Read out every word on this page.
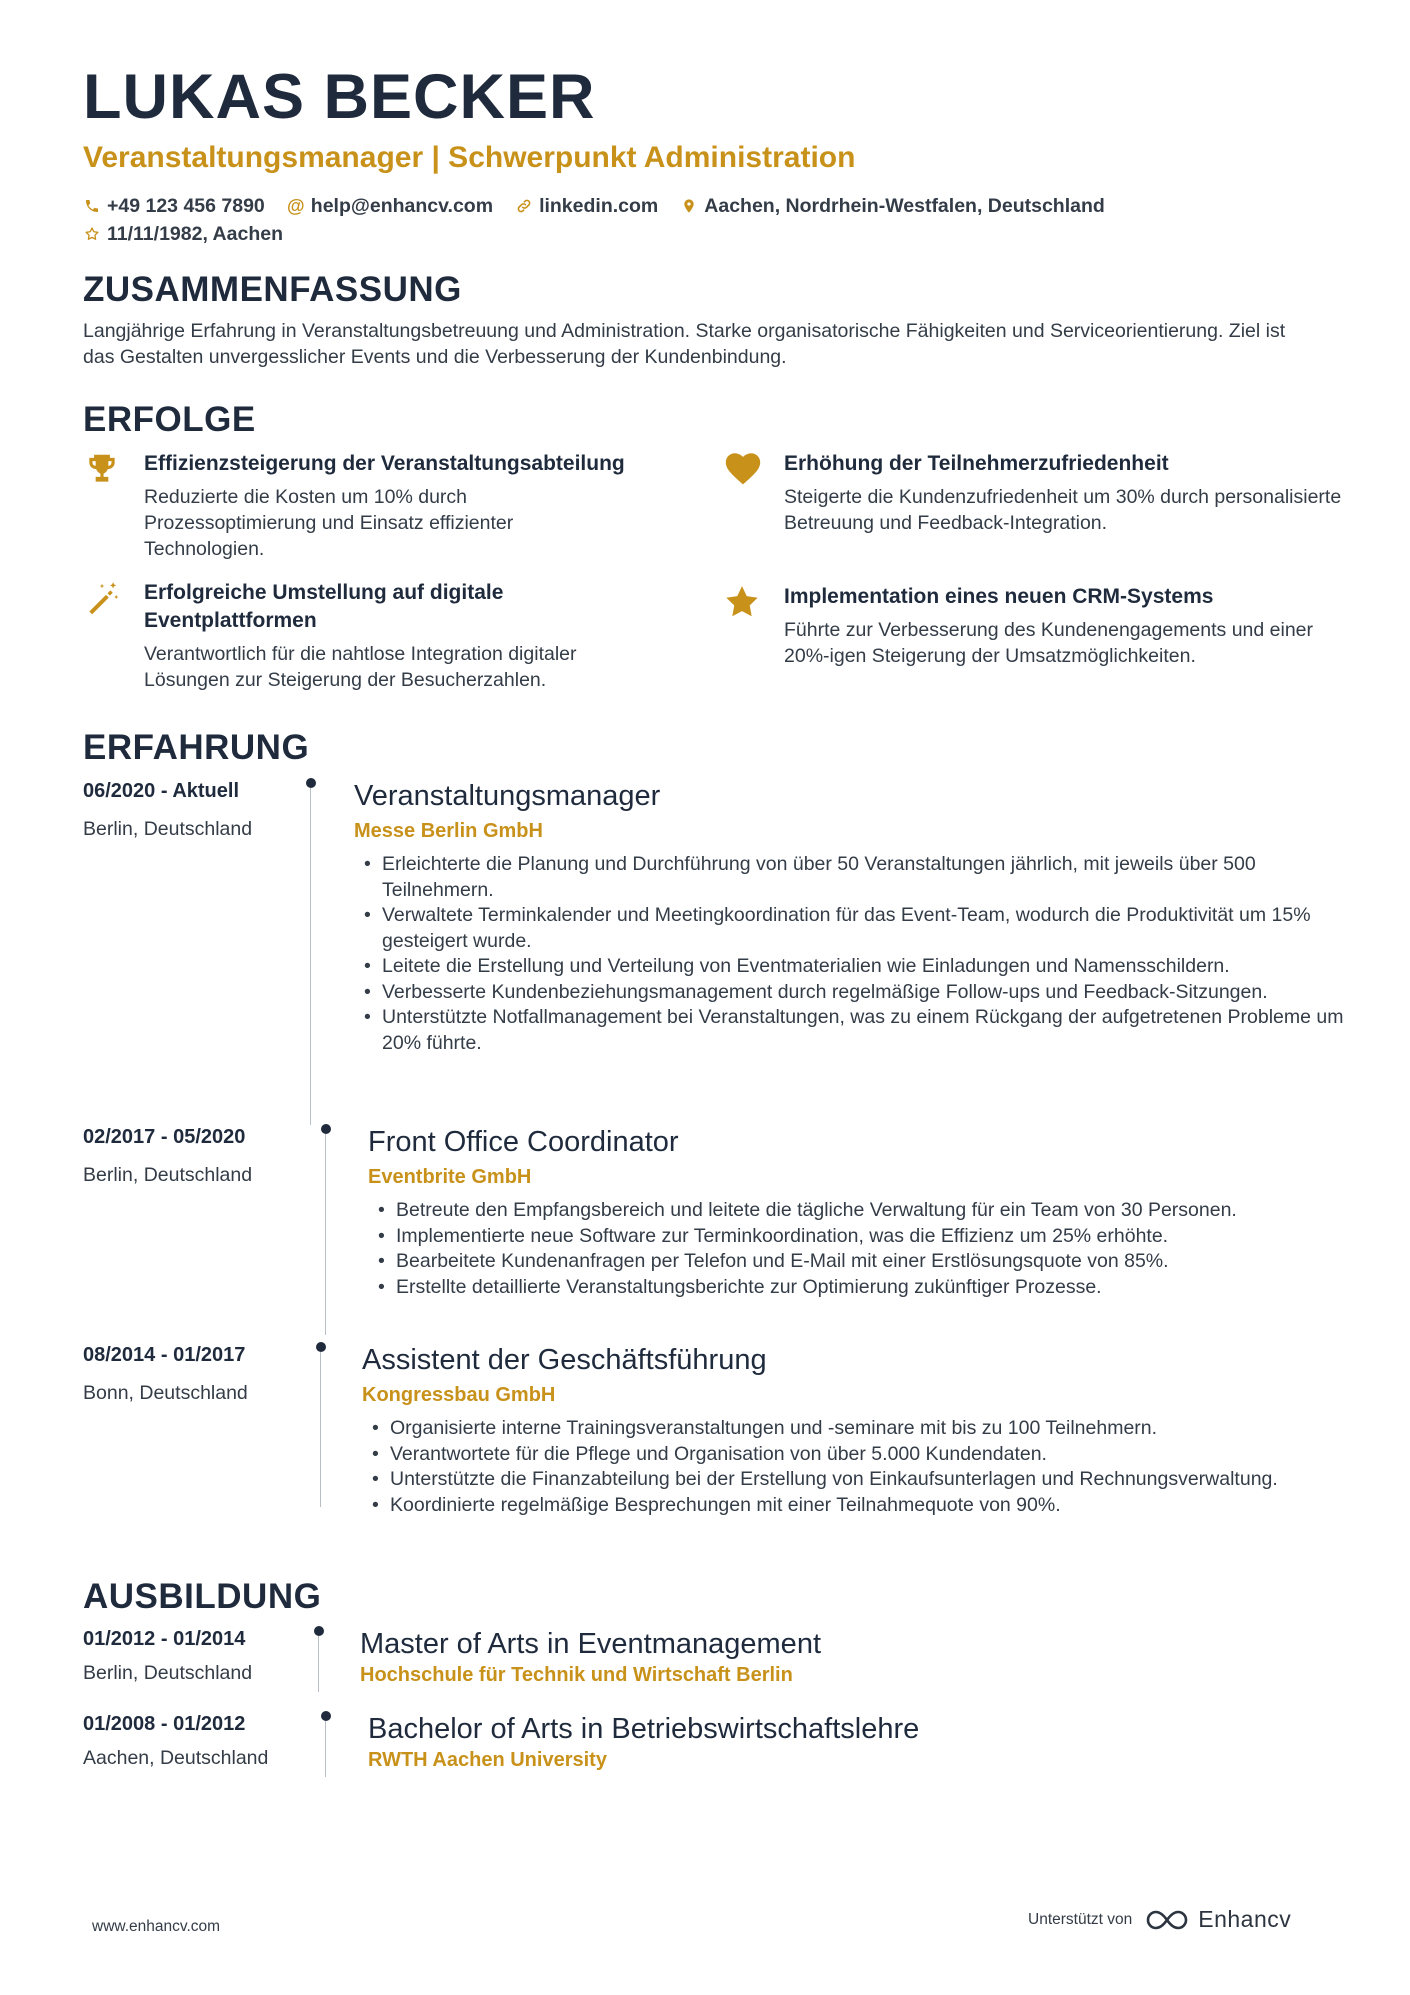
LUKAS BECKER
Veranstaltungsmanager | Schwerpunkt Administration
+49 123 456 7890 @ help@enhancv.com linkedin.com Aachen, Nordrhein-Westfalen, Deutschland
11/11/1982, Aachen
ZUSAMMENFASSUNG
Langjährige Erfahrung in Veranstaltungsbetreuung und Administration. Starke organisatorische Fähigkeiten und Serviceorientierung. Ziel ist das Gestalten unvergesslicher Events und die Verbesserung der Kundenbindung.
ERFOLGE
Effizienzsteigerung der Veranstaltungsabteilung
Reduzierte die Kosten um 10% durch Prozessoptimierung und Einsatz effizienter Technologien.
Erhöhung der Teilnehmerzufriedenheit
Steigerte die Kundenzufriedenheit um 30% durch personalisierte Betreuung und Feedback-Integration.
Erfolgreiche Umstellung auf digitale Eventplattformen
Verantwortlich für die nahtlose Integration digitaler Lösungen zur Steigerung der Besucherzahlen.
Implementation eines neuen CRM-Systems
Führte zur Verbesserung des Kundenengagements und einer 20%-igen Steigerung der Umsatzmöglichkeiten.
ERFAHRUNG
06/2020 - Aktuell
Berlin, Deutschland
Veranstaltungsmanager
Messe Berlin GmbH
• Erleichterte die Planung und Durchführung von über 50 Veranstaltungen jährlich, mit jeweils über 500 Teilnehmern.
• Verwaltete Terminkalender und Meetingkoordination für das Event-Team, wodurch die Produktivität um 15% gesteigert wurde.
• Leitete die Erstellung und Verteilung von Eventmaterialien wie Einladungen und Namensschildern.
• Verbesserte Kundenbeziehungsmanagement durch regelmäßige Follow-ups und Feedback-Sitzungen.
• Unterstützte Notfallmanagement bei Veranstaltungen, was zu einem Rückgang der aufgetretenen Probleme um 20% führte.
02/2017 - 05/2020
Berlin, Deutschland
Front Office Coordinator
Eventbrite GmbH
• Betreute den Empfangsbereich und leitete die tägliche Verwaltung für ein Team von 30 Personen.
• Implementierte neue Software zur Terminkoordination, was die Effizienz um 25% erhöhte.
• Bearbeitete Kundenanfragen per Telefon und E-Mail mit einer Erstlösungsquote von 85%.
• Erstellte detaillierte Veranstaltungsberichte zur Optimierung zukünftiger Prozesse.
08/2014 - 01/2017
Bonn, Deutschland
Assistent der Geschäftsführung
Kongressbau GmbH
• Organisierte interne Trainingsveranstaltungen und -seminare mit bis zu 100 Teilnehmern.
• Verantwortete für die Pflege und Organisation von über 5.000 Kundendaten.
• Unterstützte die Finanzabteilung bei der Erstellung von Einkaufsunterlagen und Rechnungsverwaltung.
• Koordinierte regelmäßige Besprechungen mit einer Teilnahmequote von 90%.
AUSBILDUNG
01/2012 - 01/2014
Berlin, Deutschland
Master of Arts in Eventmanagement
Hochschule für Technik und Wirtschaft Berlin
01/2008 - 01/2012
Aachen, Deutschland
Bachelor of Arts in Betriebswirtschaftslehre
RWTH Aachen University
www.enhancv.com	Unterstützt von	Enhancv
